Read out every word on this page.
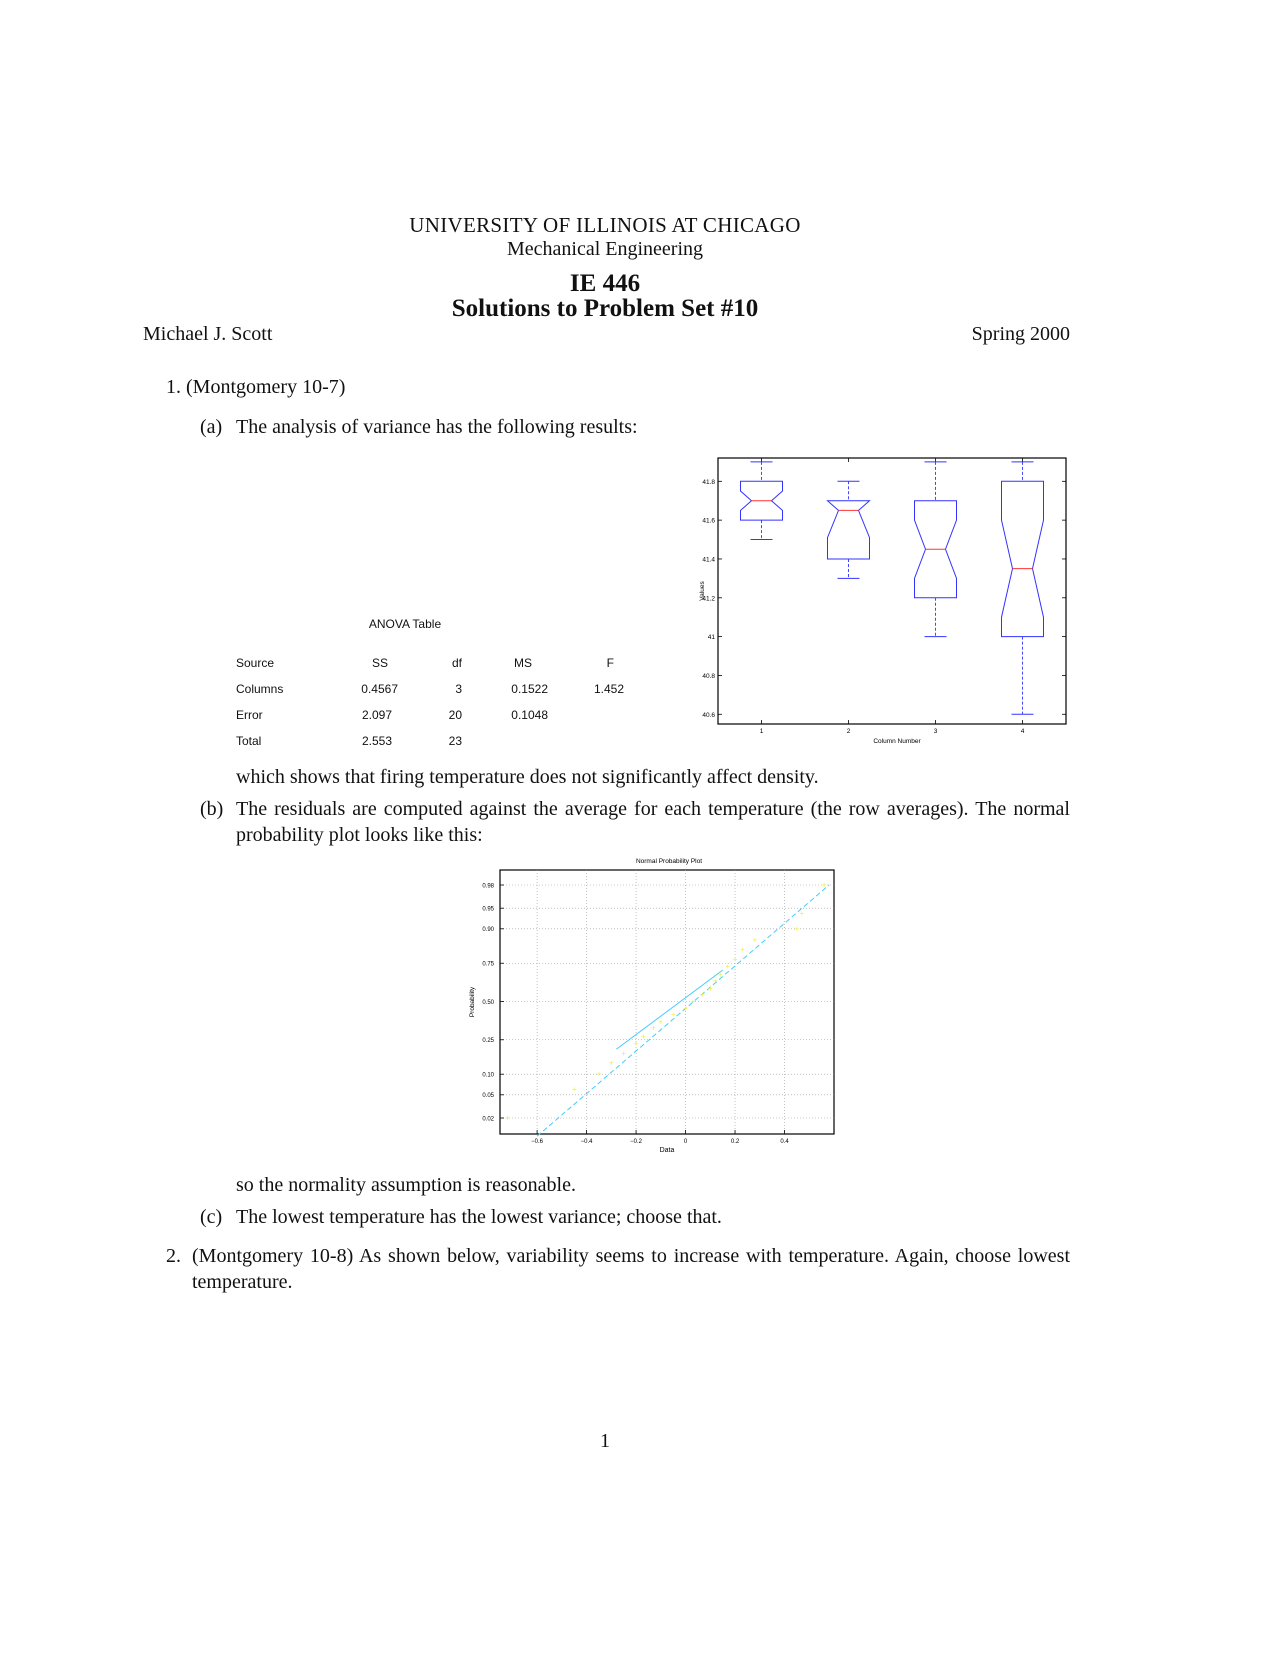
UNIVERSITY OF ILLINOIS AT CHICAGO
Mechanical Engineering
IE 446
Solutions to Problem Set #10
Michael J. Scott	Spring 2000
1. (Montgomery 10-7)
(a) The analysis of variance has the following results:
ANOVA Table
Source	SS	df	MS	F
Columns	0.4567	3	0.1522	1.452
Error	2.097	20	0.1048	
Total	2.553	23		
40.6
40.8
41
41.2
41.4
41.6
41.8
1	2	3	4
Column Number
Values
which shows that firing temperature does not significantly affect density.
(b) The residuals are computed against the average for each temperature (the row averages). The normal probability plot looks like this:
Normal Probability Plot
0.02
0.05
0.10
0.25
0.50
0.75
0.90
0.95
0.98
−0.6	−0.4	−0.2	0	0.2	0.4
Data
Probability
+
+
+
+
+
+
+
+
+
+
+
+
+
+
+
+
+
+
+
+
+
+
+
so the normality assumption is reasonable.
(c) The lowest temperature has the lowest variance; choose that.
2. (Montgomery 10-8) As shown below, variability seems to increase with temperature. Again, choose lowest temperature.
1
